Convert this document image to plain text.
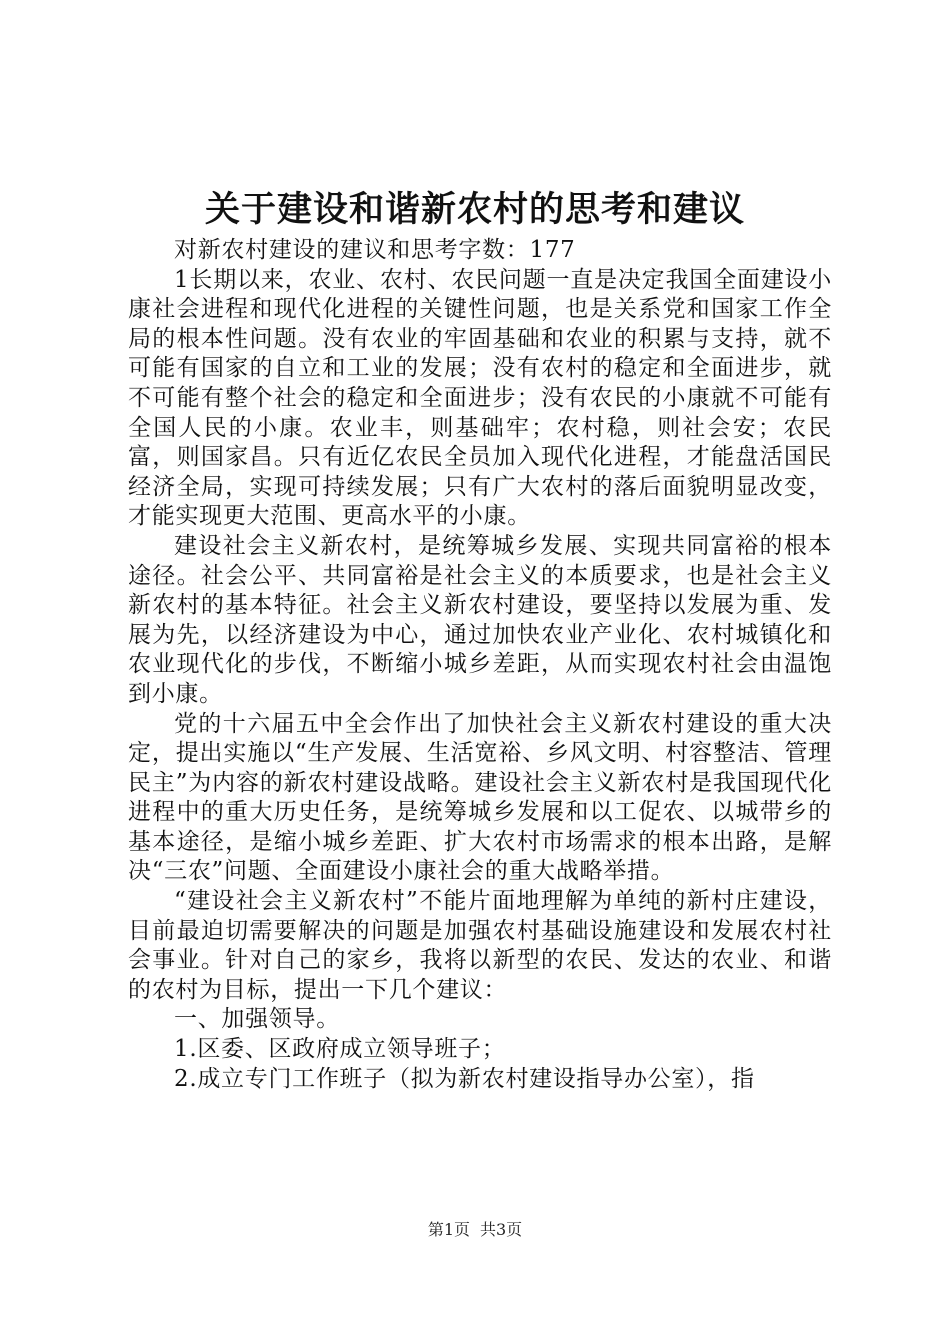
关于建设和谐新农村的思考和建议

对新农村建设的建议和思考字数：177

1长期以来，农业、农村、农民问题一直是决定我国全面建设小康社会进程和现代化进程的关键性问题，也是关系党和国家工作全局的根本性问题。没有农业的牢固基础和农业的积累与支持，就不可能有国家的自立和工业的发展；没有农村的稳定和全面进步，就不可能有整个社会的稳定和全面进步；没有农民的小康就不可能有全国人民的小康。农业丰，则基础牢；农村稳，则社会安；农民富，则国家昌。只有近亿农民全员加入现代化进程，才能盘活国民经济全局，实现可持续发展；只有广大农村的落后面貌明显改变，才能实现更大范围、更高水平的小康。

建设社会主义新农村，是统筹城乡发展、实现共同富裕的根本途径。社会公平、共同富裕是社会主义的本质要求，也是社会主义新农村的基本特征。社会主义新农村建设，要坚持以发展为重、发展为先，以经济建设为中心，通过加快农业产业化、农村城镇化和农业现代化的步伐，不断缩小城乡差距，从而实现农村社会由温饱到小康。

党的十六届五中全会作出了加快社会主义新农村建设的重大决定，提出实施以“生产发展、生活宽裕、乡风文明、村容整洁、管理民主”为内容的新农村建设战略。建设社会主义新农村是我国现代化进程中的重大历史任务，是统筹城乡发展和以工促农、以城带乡的基本途径，是缩小城乡差距、扩大农村市场需求的根本出路，是解决“三农”问题、全面建设小康社会的重大战略举措。

“建设社会主义新农村”不能片面地理解为单纯的新村庄建设，目前最迫切需要解决的问题是加强农村基础设施建设和发展农村社会事业。针对自己的家乡，我将以新型的农民、发达的农业、和谐的农村为目标，提出一下几个建议：

一、加强领导。

1.区委、区政府成立领导班子；

2.成立专门工作班子（拟为新农村建设指导办公室），指

第1页 共3页
